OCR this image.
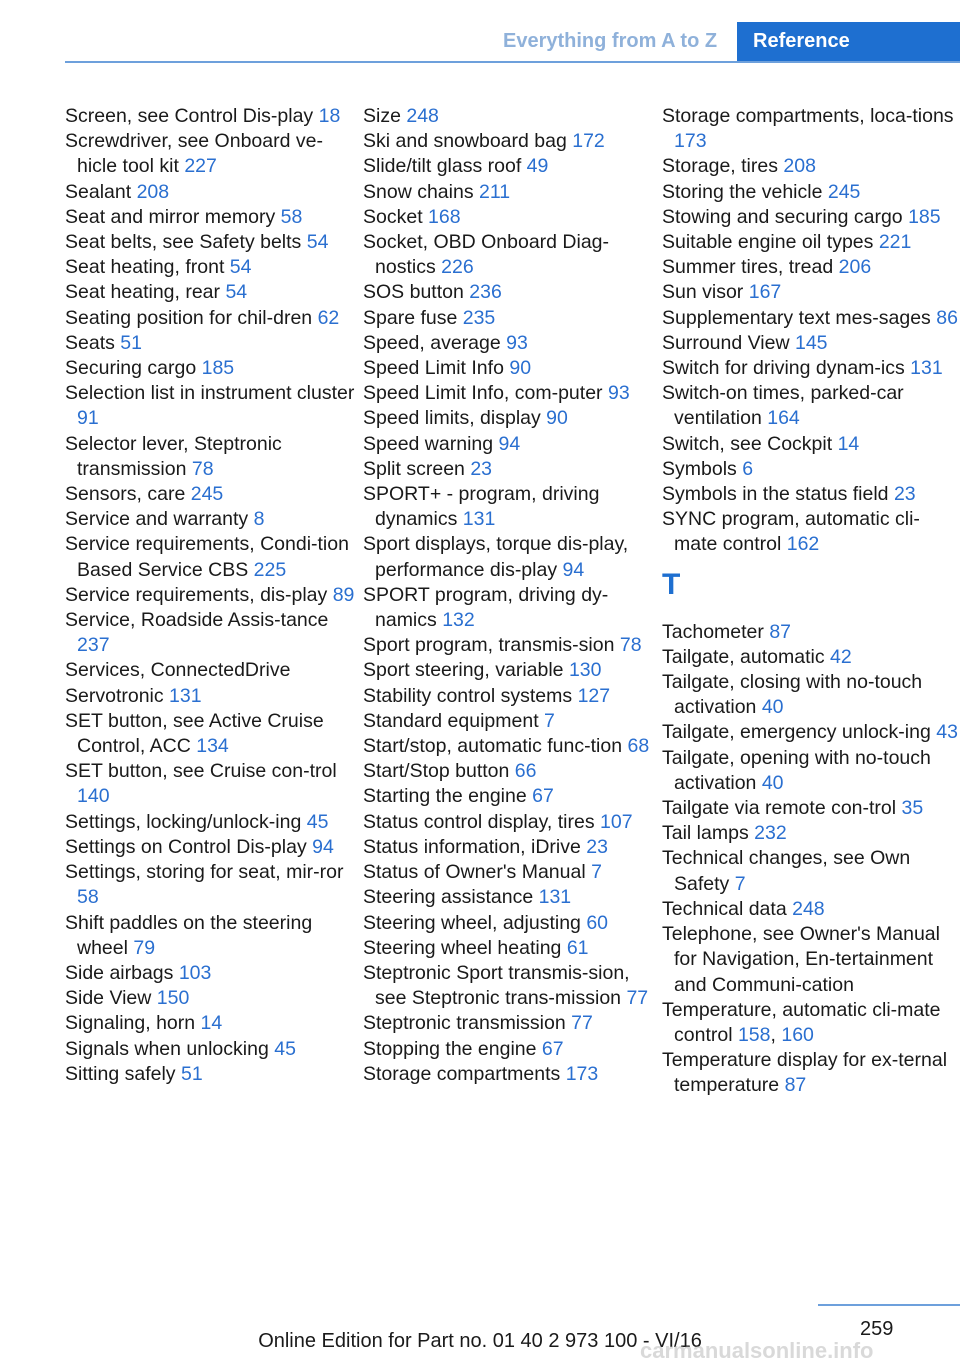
Everything from A to Z	Reference
Screen, see Control Dis-play 18
Screwdriver, see Onboard ve-hicle tool kit 227
Sealant 208
Seat and mirror memory 58
Seat belts, see Safety belts 54
Seat heating, front 54
Seat heating, rear 54
Seating position for chil-dren 62
Seats 51
Securing cargo 185
Selection list in instrument cluster 91
Selector lever, Steptronic transmission 78
Sensors, care 245
Service and warranty 8
Service requirements, Condi-tion Based Service CBS 225
Service requirements, dis-play 89
Service, Roadside Assis-tance 237
Services, ConnectedDrive
Servotronic 131
SET button, see Active Cruise Control, ACC 134
SET button, see Cruise con-trol 140
Settings, locking/unlock-ing 45
Settings on Control Dis-play 94
Settings, storing for seat, mir-ror 58
Shift paddles on the steering wheel 79
Side airbags 103
Side View 150
Signaling, horn 14
Signals when unlocking 45
Sitting safely 51
Size 248
Ski and snowboard bag 172
Slide/tilt glass roof 49
Snow chains 211
Socket 168
Socket, OBD Onboard Diag-nostics 226
SOS button 236
Spare fuse 235
Speed, average 93
Speed Limit Info 90
Speed Limit Info, com-puter 93
Speed limits, display 90
Speed warning 94
Split screen 23
SPORT+ - program, driving dynamics 131
Sport displays, torque dis-play, performance dis-play 94
SPORT program, driving dy-namics 132
Sport program, transmis-sion 78
Sport steering, variable 130
Stability control systems 127
Standard equipment 7
Start/stop, automatic func-tion 68
Start/Stop button 66
Starting the engine 67
Status control display, tires 107
Status information, iDrive 23
Status of Owner's Manual 7
Steering assistance 131
Steering wheel, adjusting 60
Steering wheel heating 61
Steptronic Sport transmis-sion, see Steptronic trans-mission 77
Steptronic transmission 77
Stopping the engine 67
Storage compartments 173
Storage compartments, loca-tions 173
Storage, tires 208
Storing the vehicle 245
Stowing and securing cargo 185
Suitable engine oil types 221
Summer tires, tread 206
Sun visor 167
Supplementary text mes-sages 86
Surround View 145
Switch for driving dynam-ics 131
Switch-on times, parked-car ventilation 164
Switch, see Cockpit 14
Symbols 6
Symbols in the status field 23
SYNC program, automatic cli-mate control 162
T
Tachometer 87
Tailgate, automatic 42
Tailgate, closing with no-touch activation 40
Tailgate, emergency unlock-ing 43
Tailgate, opening with no-touch activation 40
Tailgate via remote con-trol 35
Tail lamps 232
Technical changes, see Own Safety 7
Technical data 248
Telephone, see Owner's Manual for Navigation, En-tertainment and Communi-cation
Temperature, automatic cli-mate control 158, 160
Temperature display for ex-ternal temperature 87
259
Online Edition for Part no. 01 40 2 973 100 - VI/16
carmanualsonline.info
